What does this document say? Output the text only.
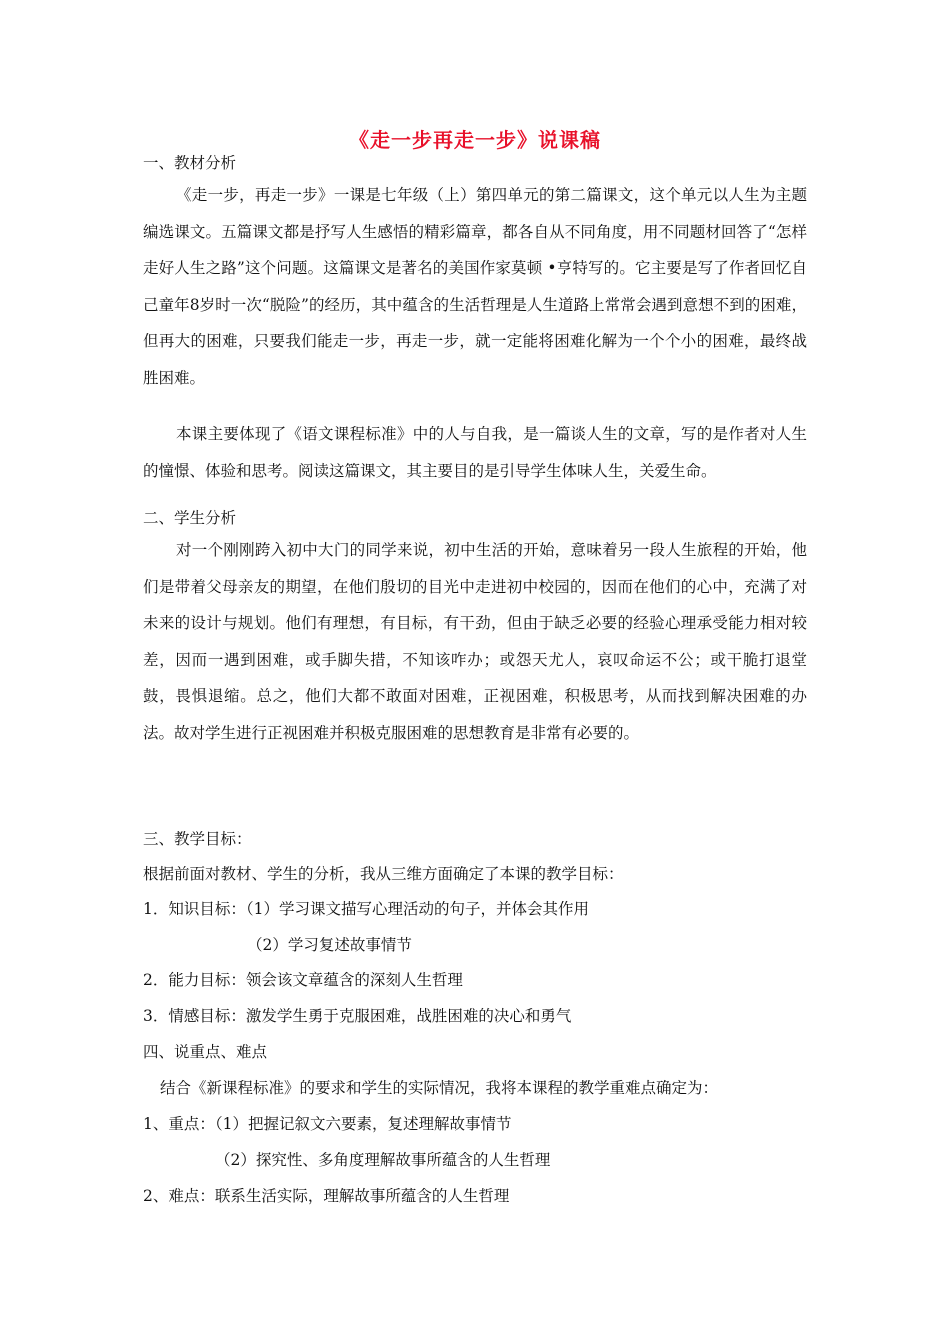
《走一步再走一步》说课稿
一、教材分析
《走一步，再走一步》一课是七年级（上）第四单元的第二篇课文，这个单元以人生为主题编选课文。五篇课文都是抒写人生感悟的精彩篇章，都各自从不同角度，用不同题材回答了“怎样走好人生之路”这个问题。这篇课文是著名的美国作家莫顿 •亨特写的。它主要是写了作者回忆自己童年8岁时一次“脱险”的经历，其中蕴含的生活哲理是人生道路上常常会遇到意想不到的困难，但再大的困难，只要我们能走一步，再走一步，就一定能将困难化解为一个个小的困难，最终战胜困难。
本课主要体现了《语文课程标准》中的人与自我，是一篇谈人生的文章，写的是作者对人生的憧憬、体验和思考。阅读这篇课文，其主要目的是引导学生体味人生，关爱生命。
二、学生分析
对一个刚刚跨入初中大门的同学来说，初中生活的开始，意味着另一段人生旅程的开始，他们是带着父母亲友的期望，在他们殷切的目光中走进初中校园的，因而在他们的心中，充满了对未来的设计与规划。他们有理想，有目标，有干劲，但由于缺乏必要的经验心理承受能力相对较差，因而一遇到困难，或手脚失措，不知该咋办；或怨天尤人，哀叹命运不公；或干脆打退堂鼓，畏惧退缩。总之，他们大都不敢面对困难，正视困难，积极思考，从而找到解决困难的办法。故对学生进行正视困难并积极克服困难的思想教育是非常有必要的。
三、教学目标：
根据前面对教材、学生的分析，我从三维方面确定了本课的教学目标：
1．知识目标：（1）学习课文描写心理活动的句子，并体会其作用
（2）学习复述故事情节
2．能力目标：领会该文章蕴含的深刻人生哲理
3．情感目标：激发学生勇于克服困难，战胜困难的决心和勇气
四、说重点、难点
结合《新课程标准》的要求和学生的实际情况，我将本课程的教学重难点确定为：
1、重点：（1）把握记叙文六要素，复述理解故事情节
（2）探究性、多角度理解故事所蕴含的人生哲理
2、难点：联系生活实际，理解故事所蕴含的人生哲理
